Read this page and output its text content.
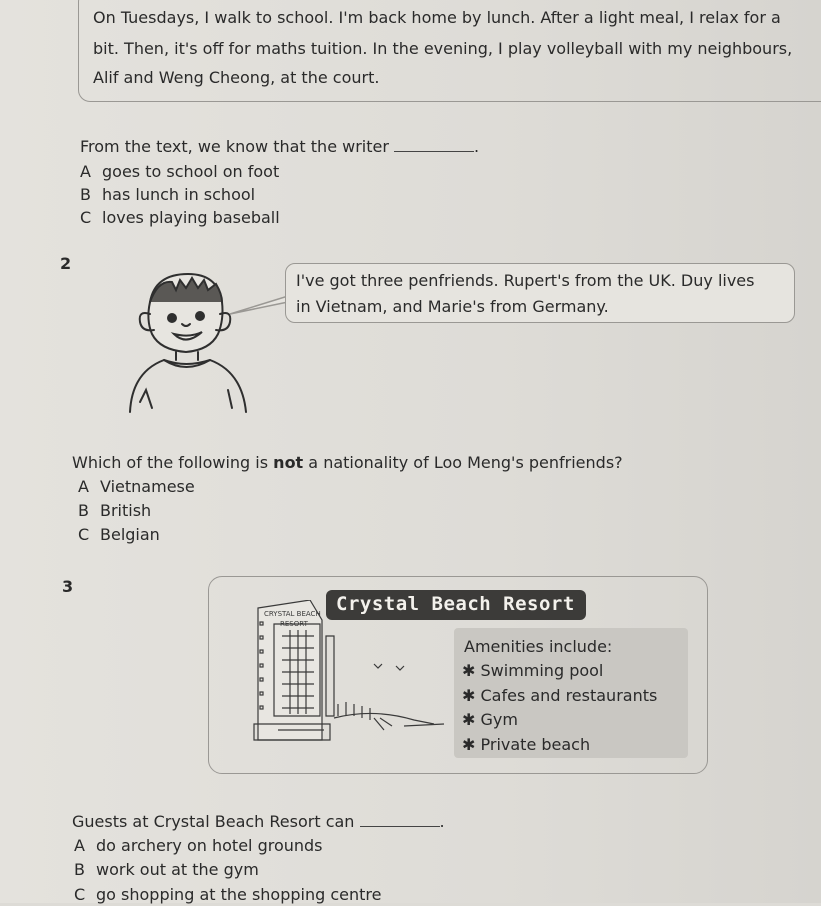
On Tuesdays, I walk to school. I'm back home by lunch. After a light meal, I relax for a
bit. Then, it's off for maths tuition. In the evening, I play volleyball with my neighbours,
Alif and Weng Cheong, at the court.
From the text, we know that the writer	.
A goes to school on foot
B has lunch in school
C loves playing baseball
2
I've got three penfriends. Rupert's from the UK. Duy lives
in Vietnam, and Marie's from Germany.
Which of the following is not a nationality of Loo Meng's penfriends?
A Vietnamese
B British
C Belgian
3
Crystal Beach Resort
CRYSTAL BEACH
RESORT
Amenities include:
✱ Swimming pool
✱ Cafes and restaurants
✱ Gym
✱ Private beach
Guests at Crystal Beach Resort can	.
A do archery on hotel grounds
B work out at the gym
C go shopping at the shopping centre
